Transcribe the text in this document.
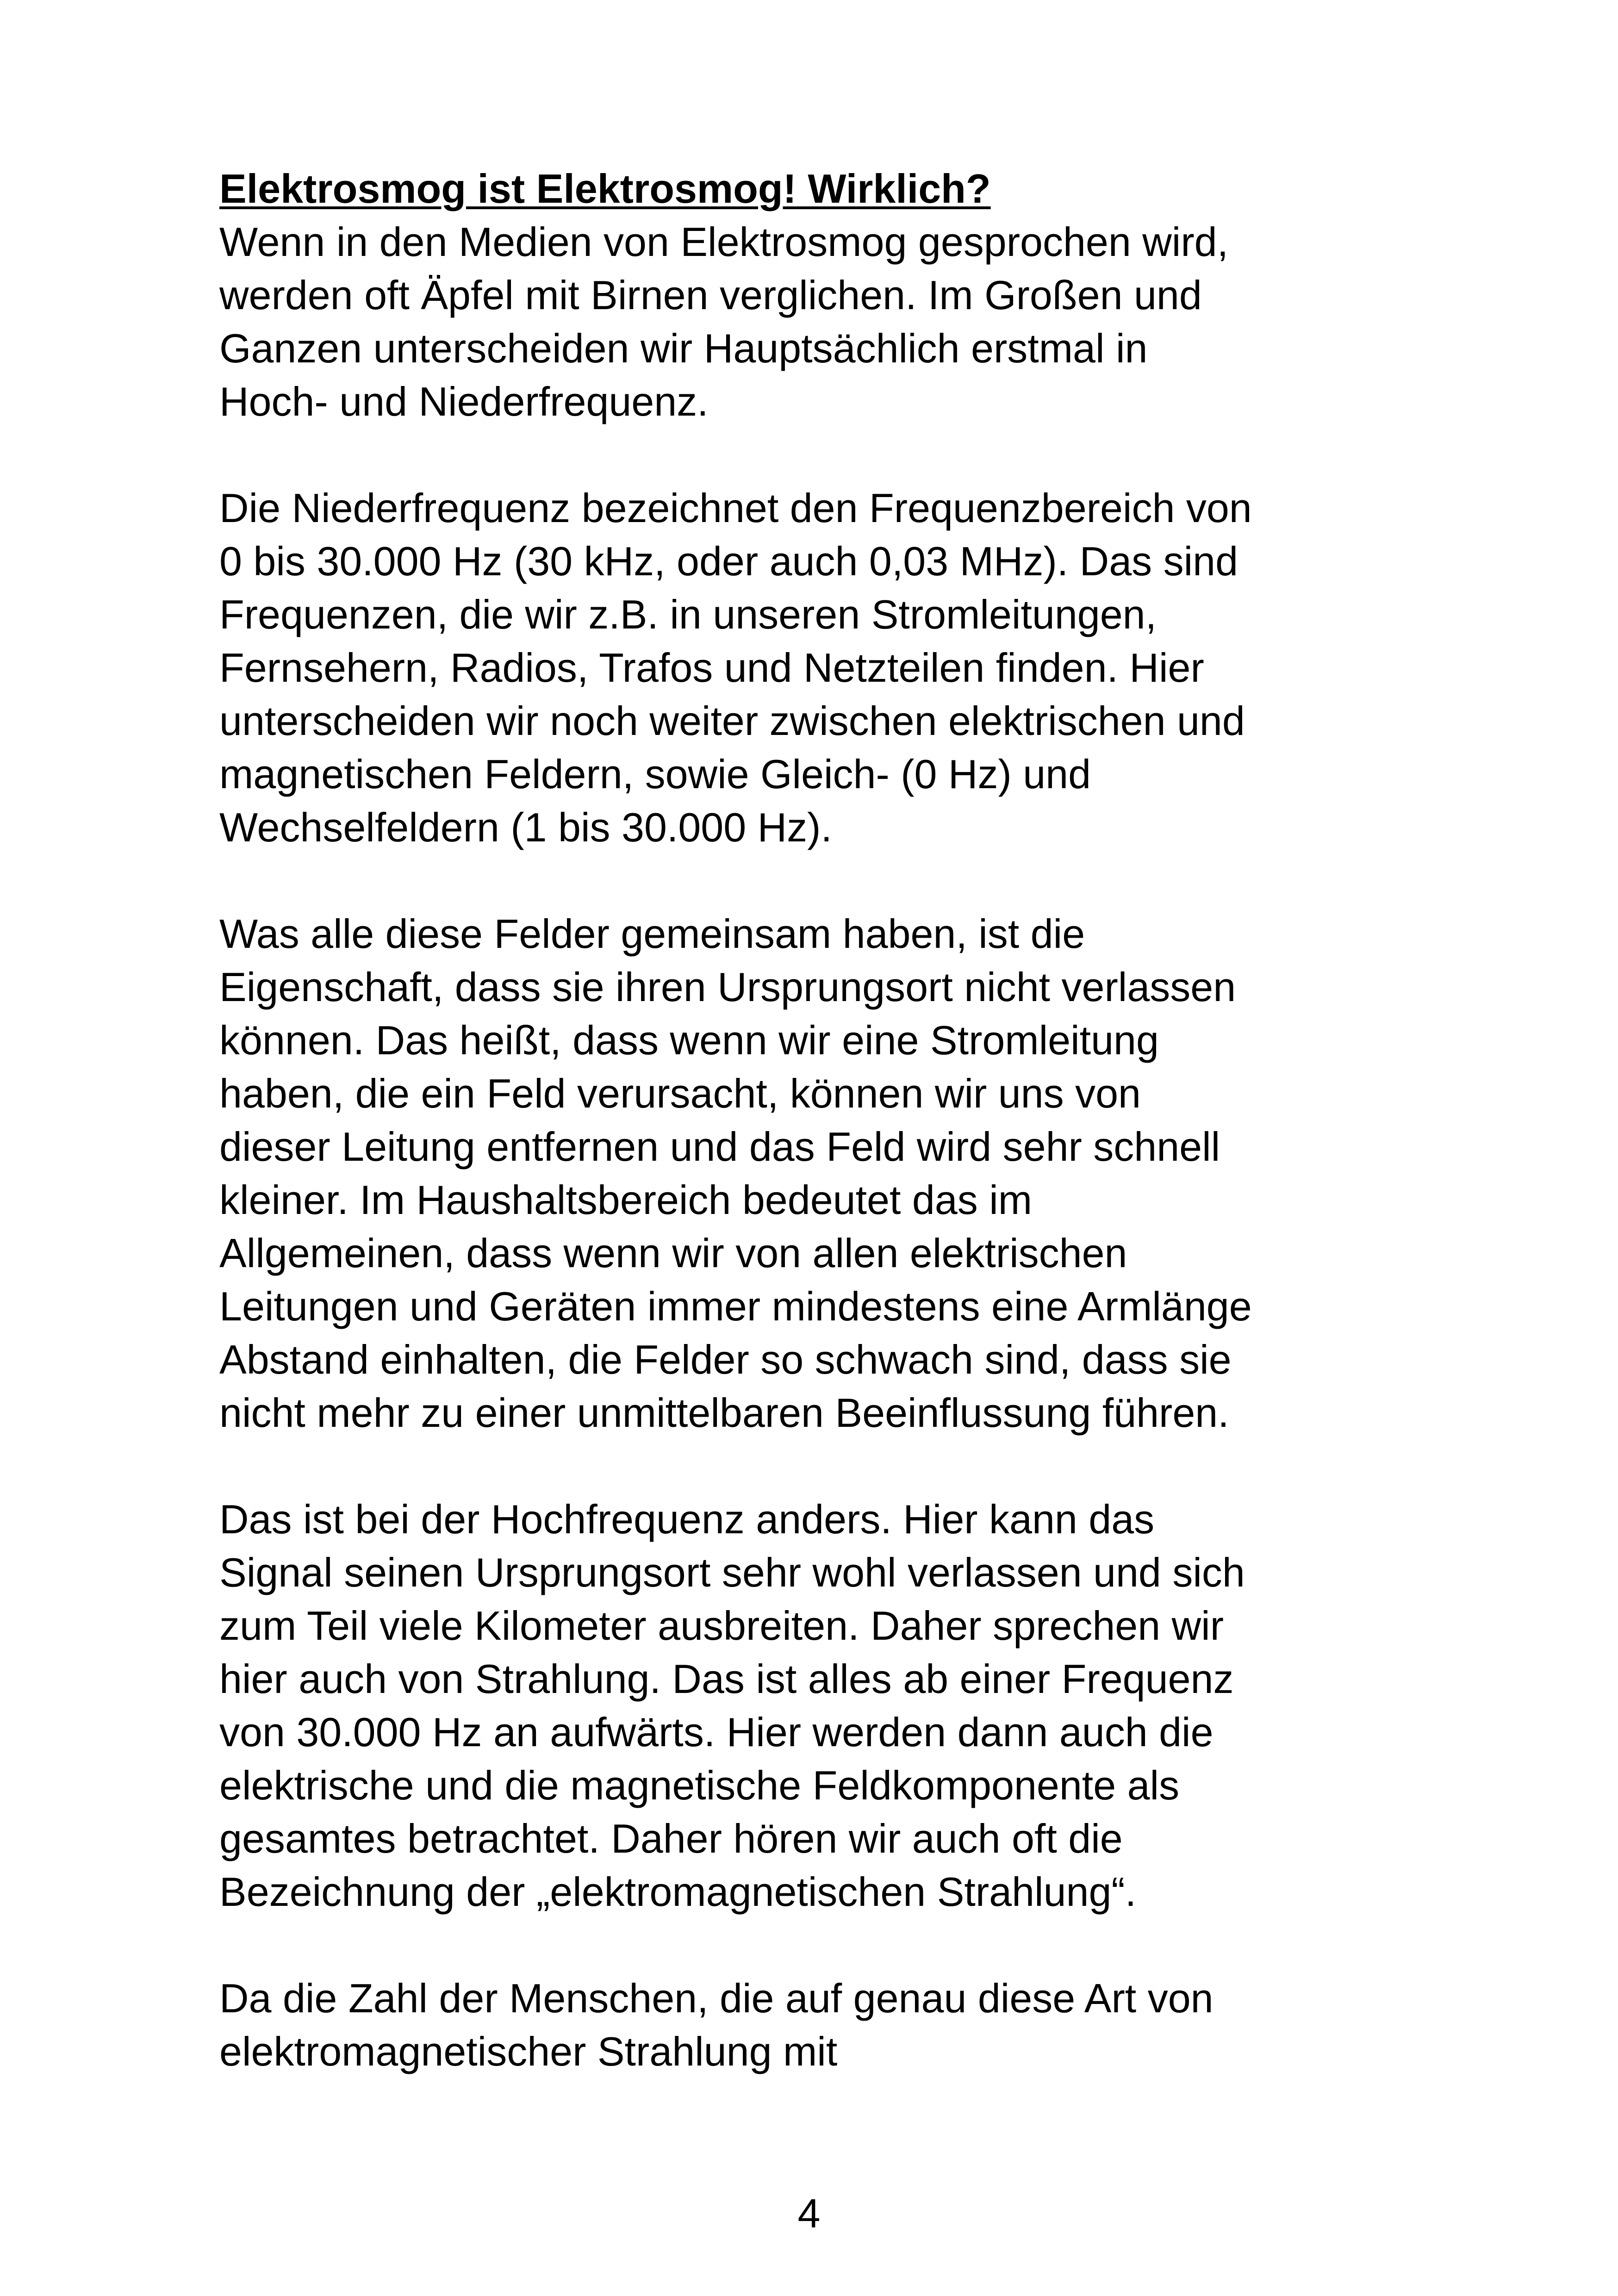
Elektrosmog ist Elektrosmog! Wirklich?

Wenn in den Medien von Elektrosmog gesprochen wird,
werden oft Äpfel mit Birnen verglichen. Im Großen und
Ganzen unterscheiden wir Hauptsächlich erstmal in
Hoch- und Niederfrequenz.

Die Niederfrequenz bezeichnet den Frequenzbereich von
0 bis 30.000 Hz (30 kHz, oder auch 0,03 MHz). Das sind
Frequenzen, die wir z.B. in unseren Stromleitungen,
Fernsehern, Radios, Trafos und Netzteilen finden. Hier
unterscheiden wir noch weiter zwischen elektrischen und
magnetischen Feldern, sowie Gleich- (0 Hz) und
Wechselfeldern (1 bis 30.000 Hz).

Was alle diese Felder gemeinsam haben, ist die
Eigenschaft, dass sie ihren Ursprungsort nicht verlassen
können. Das heißt, dass wenn wir eine Stromleitung
haben, die ein Feld verursacht, können wir uns von
dieser Leitung entfernen und das Feld wird sehr schnell
kleiner. Im Haushaltsbereich bedeutet das im
Allgemeinen, dass wenn wir von allen elektrischen
Leitungen und Geräten immer mindestens eine Armlänge
Abstand einhalten, die Felder so schwach sind, dass sie
nicht mehr zu einer unmittelbaren Beeinflussung führen.

Das ist bei der Hochfrequenz anders. Hier kann das
Signal seinen Ursprungsort sehr wohl verlassen und sich
zum Teil viele Kilometer ausbreiten. Daher sprechen wir
hier auch von Strahlung. Das ist alles ab einer Frequenz
von 30.000 Hz an aufwärts. Hier werden dann auch die
elektrische und die magnetische Feldkomponente als
gesamtes betrachtet. Daher hören wir auch oft die
Bezeichnung der „elektromagnetischen Strahlung“.

Da die Zahl der Menschen, die auf genau diese Art von
elektromagnetischer Strahlung mit

4
